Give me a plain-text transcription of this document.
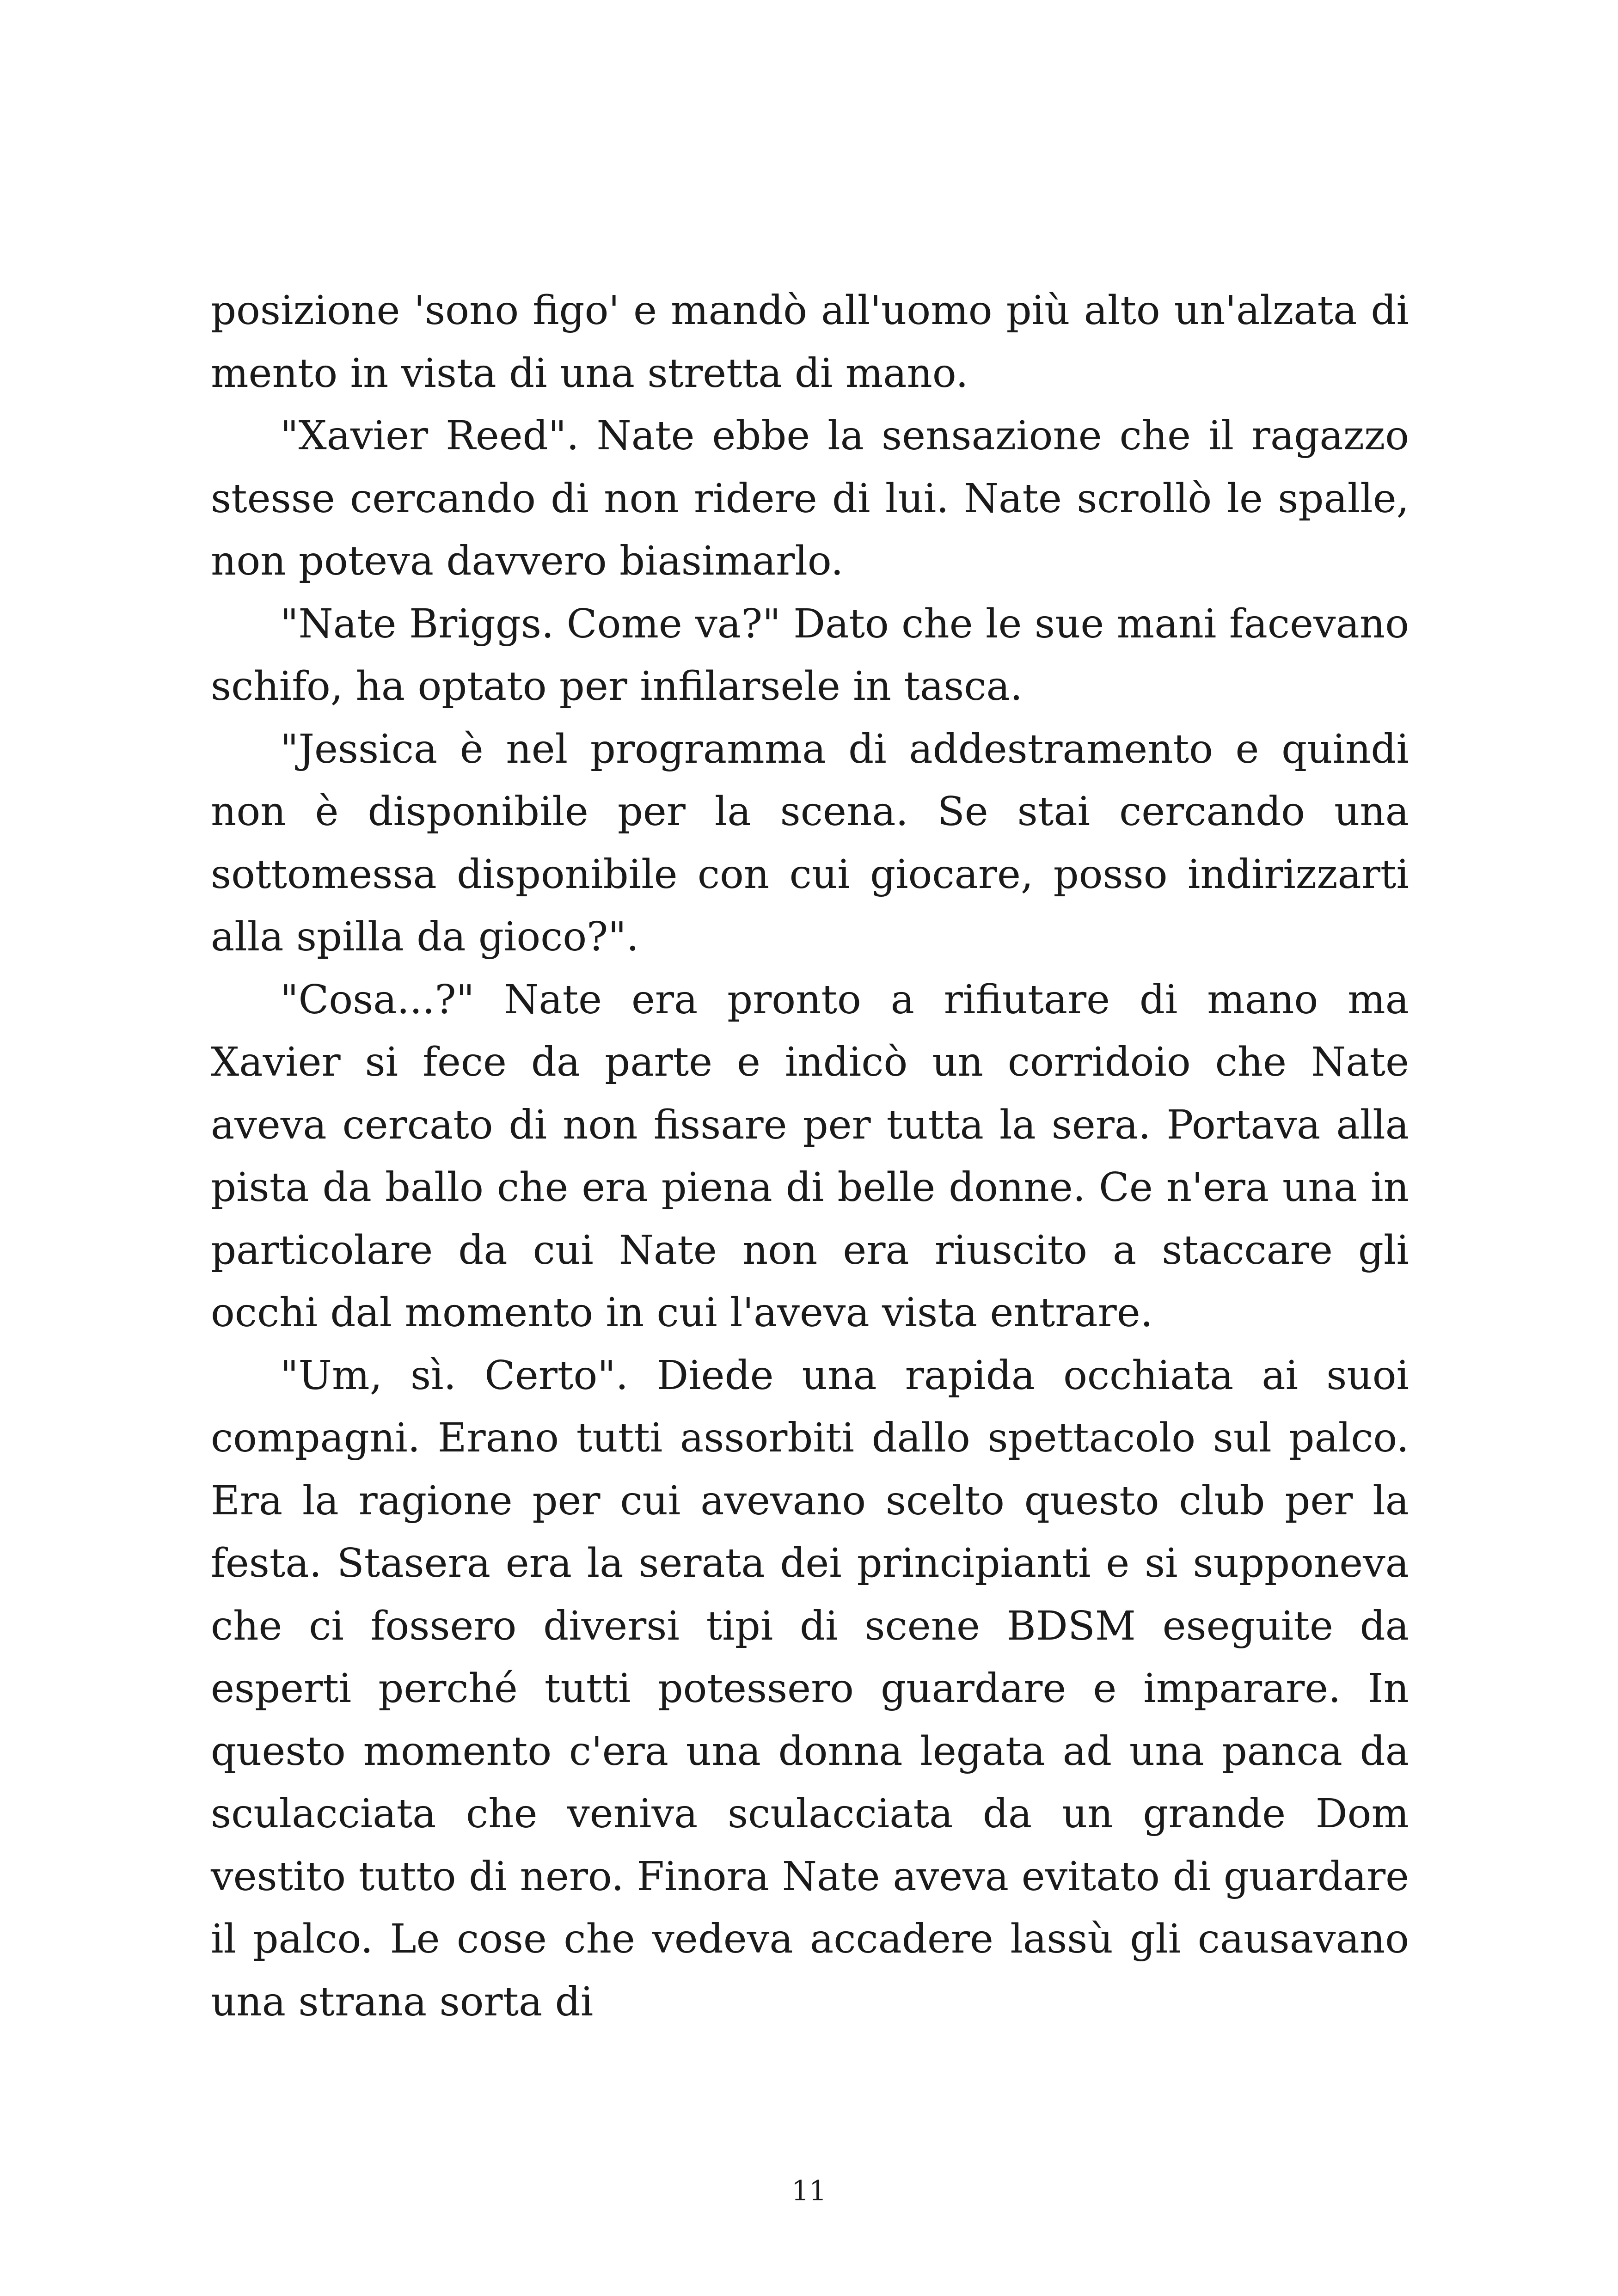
posizione 'sono figo' e mandò all'uomo più alto un'alzata di mento in vista di una stretta di mano.

"Xavier Reed". Nate ebbe la sensazione che il ragazzo stesse cercando di non ridere di lui. Nate scrollò le spalle, non poteva davvero biasimarlo.

"Nate Briggs. Come va?" Dato che le sue mani facevano schifo, ha optato per infilarsele in tasca.

"Jessica è nel programma di addestramento e quindi non è disponibile per la scena. Se stai cercando una sottomessa disponibile con cui giocare, posso indirizzarti alla spilla da gioco?".

"Cosa...?" Nate era pronto a rifiutare di mano ma Xavier si fece da parte e indicò un corridoio che Nate aveva cercato di non fissare per tutta la sera. Portava alla pista da ballo che era piena di belle donne. Ce n'era una in particolare da cui Nate non era riuscito a staccare gli occhi dal momento in cui l'aveva vista entrare.

"Um, sì. Certo". Diede una rapida occhiata ai suoi compagni. Erano tutti assorbiti dallo spettacolo sul palco. Era la ragione per cui avevano scelto questo club per la festa. Stasera era la serata dei principianti e si supponeva che ci fossero diversi tipi di scene BDSM eseguite da esperti perché tutti potessero guardare e imparare. In questo momento c'era una donna legata ad una panca da sculacciata che veniva sculacciata da un grande Dom vestito tutto di nero. Finora Nate aveva evitato di guardare il palco. Le cose che vedeva accadere lassù gli causavano una strana sorta di

11
